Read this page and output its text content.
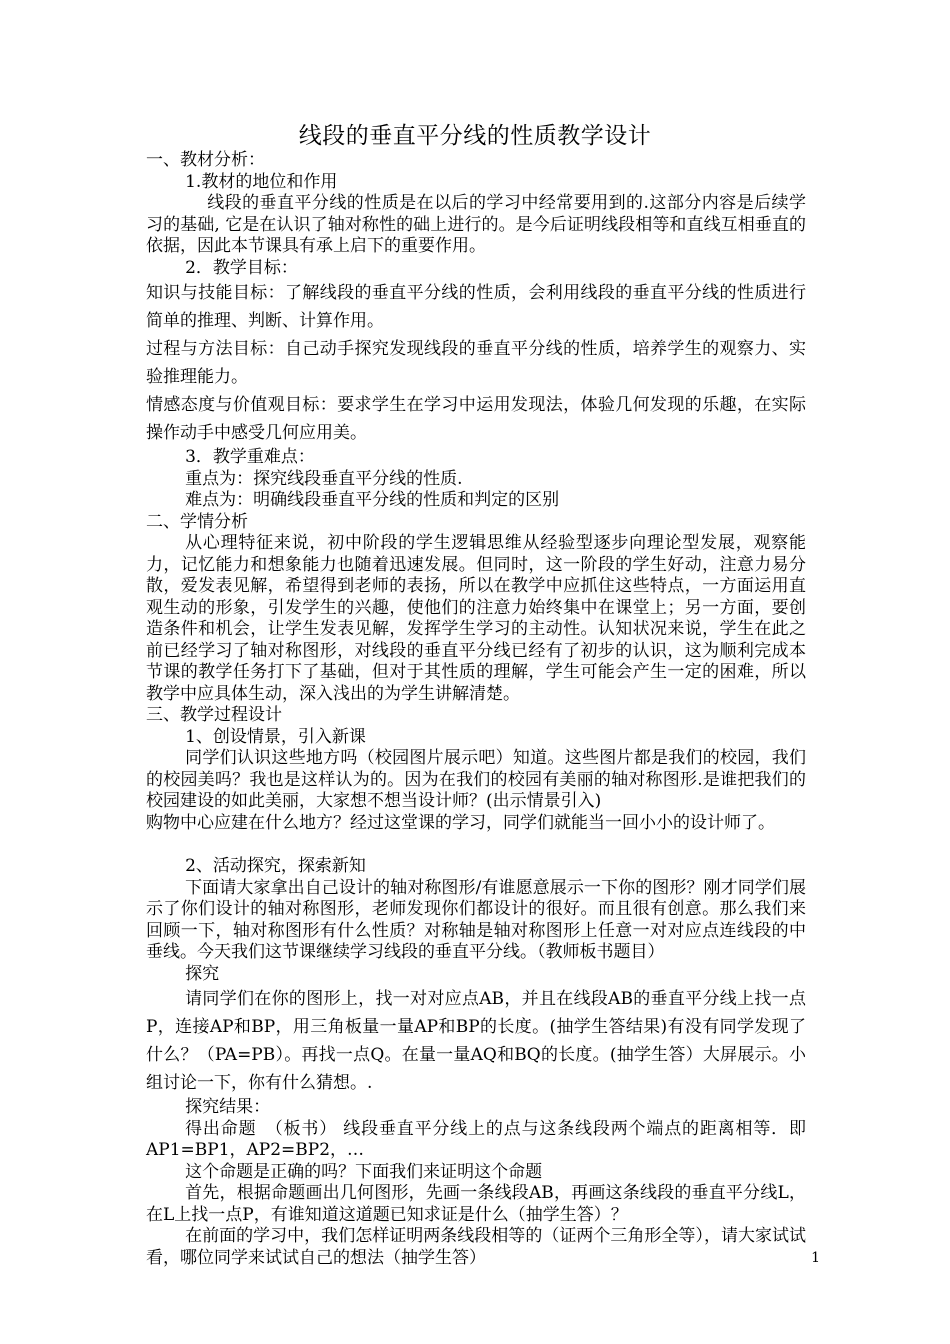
线段的垂直平分线的性质教学设计

一、教材分析：

1.教材的地位和作用

线段的垂直平分线的性质是在以后的学习中经常要用到的.这部分内容是后续学习的基础, 它是在认识了轴对称性的础上进行的。是今后证明线段相等和直线互相垂直的依据，因此本节课具有承上启下的重要作用。

2．教学目标：

知识与技能目标：了解线段的垂直平分线的性质，会利用线段的垂直平分线的性质进行简单的推理、判断、计算作用。

过程与方法目标：自己动手探究发现线段的垂直平分线的性质，培养学生的观察力、实验推理能力。

情感态度与价值观目标：要求学生在学习中运用发现法，体验几何发现的乐趣，在实际操作动手中感受几何应用美。

3．教学重难点：

重点为：探究线段垂直平分线的性质.

难点为：明确线段垂直平分线的性质和判定的区别

二、学情分析

从心理特征来说，初中阶段的学生逻辑思维从经验型逐步向理论型发展，观察能力，记忆能力和想象能力也随着迅速发展。但同时，这一阶段的学生好动，注意力易分散，爱发表见解，希望得到老师的表扬，所以在教学中应抓住这些特点，一方面运用直观生动的形象，引发学生的兴趣，使他们的注意力始终集中在课堂上；另一方面，要创造条件和机会，让学生发表见解，发挥学生学习的主动性。认知状况来说，学生在此之前已经学习了轴对称图形，对线段的垂直平分线已经有了初步的认识，这为顺利完成本节课的教学任务打下了基础，但对于其性质的理解，学生可能会产生一定的困难，所以教学中应具体生动，深入浅出的为学生讲解清楚。

三、教学过程设计

1、创设情景，引入新课

同学们认识这些地方吗（校园图片展示吧）知道。这些图片都是我们的校园，我们的校园美吗？我也是这样认为的。因为在我们的校园有美丽的轴对称图形.是谁把我们的校园建设的如此美丽，大家想不想当设计师？(出示情景引入)

购物中心应建在什么地方？经过这堂课的学习，同学们就能当一回小小的设计师了。

2、活动探究，探索新知

下面请大家拿出自己设计的轴对称图形/有谁愿意展示一下你的图形？刚才同学们展示了你们设计的轴对称图形，老师发现你们都设计的很好。而且很有创意。那么我们来回顾一下，轴对称图形有什么性质？对称轴是轴对称图形上任意一对对应点连线段的中垂线。今天我们这节课继续学习线段的垂直平分线。（教师板书题目）

探究

请同学们在你的图形上，找一对对应点AB，并且在线段AB的垂直平分线上找一点P，连接AP和BP，用三角板量一量AP和BP的长度。(抽学生答结果)有没有同学发现了什么？（PA=PB）。再找一点Q。在量一量AQ和BQ的长度。(抽学生答）大屏展示。小组讨论一下，你有什么猜想。.

探究结果：

得出命题　（板书） 线段垂直平分线上的点与这条线段两个端点的距离相等．即AP1=BP1，AP2=BP2，…

这个命题是正确的吗？下面我们来证明这个命题

首先，根据命题画出几何图形，先画一条线段AB，再画这条线段的垂直平分线L，在L上找一点P，有谁知道这道题已知求证是什么（抽学生答）？

在前面的学习中，我们怎样证明两条线段相等的（证两个三角形全等），请大家试试看，哪位同学来试试自己的想法（抽学生答）	1
